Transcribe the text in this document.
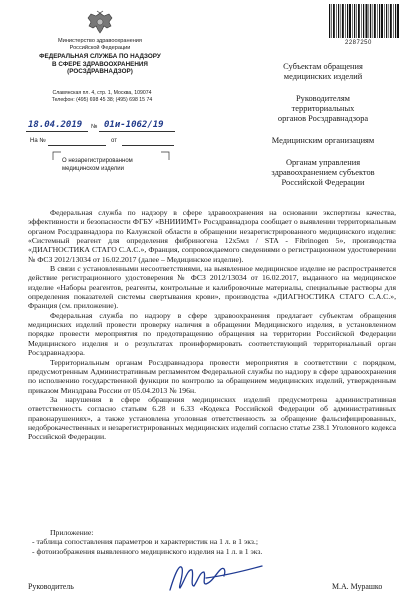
Министерство здравоохранения
Российской Федерации
ФЕДЕРАЛЬНАЯ СЛУЖБА ПО НАДЗОРУ
В СФЕРЕ ЗДРАВООХРАНЕНИЯ
(РОСЗДРАВНАДЗОР)
Славянская пл. 4, стр. 1, Москва, 109074
Телефон: (495) 698 45 38; (495) 698 15 74
18.04.2019 № 01и-1062/19
На №	от
О незарегистрированном
медицинском изделии
2287250
Субъектам обращения
медицинских изделий
Руководителям
территориальных
органов Росздравнадзора
Медицинским организациям
Органам управления
здравоохранением субъектов
Российской Федерации

Федеральная служба по надзору в сфере здравоохранения на основании экспертизы качества, эффективности и безопасности ФГБУ «ВНИИИМТ» Росздравнадзора сообщает о выявлении территориальным органом Росздравнадзора по Калужской области в обращении незарегистрированного медицинского изделия: «Системный реагент для определения фибриногена 12x5мл / STA - Fibrinogen 5», производства «ДИАГНОСТИКА СТАГО С.А.С.», Франция, сопровождаемого сведениями о регистрационном удостоверении № ФСЗ 2012/13034 от 16.02.2017 (далее – Медицинское изделие).

В связи с установленными несоответствиями, на выявленное медицинское изделие не распространяется действие регистрационного удостоверения № ФСЗ 2012/13034 от 16.02.2017, выданного на медицинское изделие «Наборы реагентов, реагенты, контрольные и калибровочные материалы, специальные растворы для определения показателей системы свертывания крови», производства «ДИАГНОСТИКА СТАГО С.А.С.», Франция (см. приложение).

Федеральная служба по надзору в сфере здравоохранения предлагает субъектам обращения медицинских изделий провести проверку наличия в обращении Медицинского изделия, в установленном порядке провести мероприятия по предотвращению обращения на территории Российской Федерации Медицинского изделия и о результатах проинформировать соответствующий территориальный орган Росздравнадзора.

Территориальным органам Росздравнадзора провести мероприятия в соответствии с порядком, предусмотренным Административным регламентом Федеральной службы по надзору в сфере здравоохранения по исполнению государственной функции по контролю за обращением медицинских изделий, утвержденным приказом Минздрава России от 05.04.2013 № 196н.

За нарушения в сфере обращения медицинских изделий предусмотрена административная ответственность согласно статьям 6.28 и 6.33 «Кодекса Российской Федерации об административных правонарушениях», а также установлена уголовная ответственность за обращение фальсифицированных, недоброкачественных и незарегистрированных медицинских изделий согласно статье 238.1 Уголовного кодекса Российской Федерации.

Приложение:
- таблица сопоставления параметров и характеристик на 1 л. в 1 экз.;
- фотоизображения выявленного медицинского изделия на 1 л. в 1 экз.
Руководитель	М.А. Мурашко
